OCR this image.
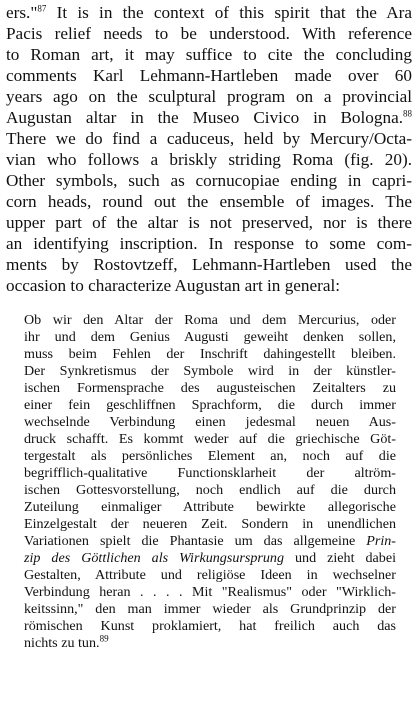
ers."$^{87}$ It is in the context of this spirit that the Ara
Pacis relief needs to be understood. With reference
to Roman art, it may suffice to cite the concluding
comments Karl Lehmann-Hartleben made over 60
years ago on the sculptural program on a provincial
Augustan altar in the Museo Civico in Bologna.$^{88}$
There we do find a caduceus, held by Mercury/Octa-
vian who follows a briskly striding Roma (fig. 20).
Other symbols, such as cornucopiae ending in capri-
corn heads, round out the ensemble of images. The
upper part of the altar is not preserved, nor is there
an identifying inscription. In response to some com-
ments by Rostovtzeff, Lehmann-Hartleben used the
occasion to characterize Augustan art in general:
Ob wir den Altar der Roma und dem Mercurius, oder
ihr und dem Genius Augusti geweiht denken sollen,
muss beim Fehlen der Inschrift dahingestellt bleiben.
Der Synkretismus der Symbole wird in der künstler-
ischen Formensprache des augusteischen Zeitalters zu
einer fein geschliffnen Sprachform, die durch immer
wechselnde Verbindung einen jedesmal neuen Aus-
druck schafft. Es kommt weder auf die griechische Göt-
tergestalt als persönliches Element an, noch auf die
begrifflich-qualitative Functionsklarheit der altröm-
ischen Gottesvorstellung, noch endlich auf die durch
Zuteilung einmaliger Attribute bewirkte allegorische
Einzelgestalt der neueren Zeit. Sondern in unendlichen
Variationen spielt die Phantasie um das allgemeine Prin-
zip des Göttlichen als Wirkungsursprung und zieht dabei
Gestalten, Attribute und religiöse Ideen in wechselner
Verbindung heran . . . . Mit "Realismus" oder "Wirklich-
keitssinn," den man immer wieder als Grundprinzip der
römischen Kunst proklamiert, hat freilich auch das
nichts zu tun.$^{89}$
